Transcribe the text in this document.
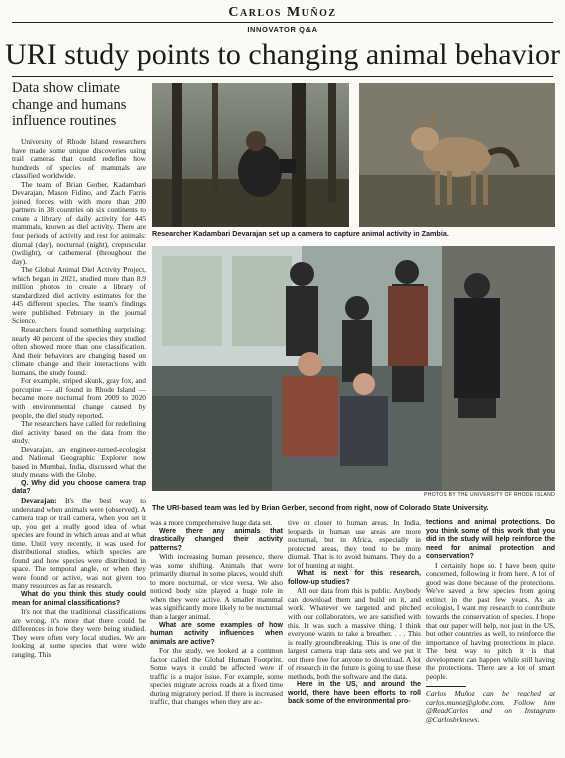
Carlos Muñoz
INNOVATOR Q&A
URI study points to changing animal behavior
Data show climate change and humans influence routines
Researcher Kadambari Devarajan set up a camera to capture animal activity in Zambia.
PHOTOS BY THE UNIVERSITY OF RHODE ISLAND
The URI-based team was led by Brian Gerber, second from right, now of Colorado State University.

University of Rhode Island researchers have made some unique discoveries using trail cameras that could redefine how hundreds of species of mammals are classified worldwide.

The team of Brian Gerber, Kadambari Devarajan, Mason Fidino, and Zach Farris joined forces with with more than 200 partners in 38 countries on six continents to create a library of daily activity for 445 mammals, known as diel activity. There are four periods of activity and rest for animals: diurnal (day), nocturnal (night), crepuscular (twilight), or cathemeral (throughout the day).

The Global Animal Diel Activity Project, which began in 2021, studied more than 8.9 million photos to create a library of standardized diel activity estimates for the 445 different species. The team's findings were published February in the journal Science.

Researchers found something surprising: nearly 40 percent of the species they studied often showed more than one classification. And their behaviors are changing based on climate change and their interactions with humans, the study found.

For example, striped skunk, gray fox, and porcupine — all found in Rhode Island — became more nocturnal from 2009 to 2020 with environmental change caused by people, the diel study reported.

The researchers have called for redefining diel activity based on the data from the study.

Devarajan, an engineer-turned-ecologist and National Geographic Explorer now based in Mumbai, India, discussed what the study means with the Globe.

Q. Why did you choose camera trap data?

Devarajan: It's the best way to understand when animals were (observed). A camera trap or trail camera, when you set it up, you get a really good idea of what species are found in which areas and at what time. Until very recently, it was used for distributional studies, which species are found and how species were distributed in space. The temporal angle, or when they were found or active, was not given too many resources as far as research.

What do you think this study could mean for animal classifications?

It's not that the traditional classifications are wrong, it's more that there could be differences in how they were being studied. They were often very local studies. We are looking at some species that were wide ranging. This

was a more comprehensive huge data set.

Were there any animals that drastically changed their activity patterns?

With increasing human presence, there was some shifting. Animals that were primarily diurnal in some places, would shift to more nocturnal, or vice versa. We also noticed body size played a huge role in when they were active. A smaller mammal was significantly more likely to be nocturnal than a larger animal.

What are some examples of how human activity influences when animals are active?

For the study, we looked at a common factor called the Global Human Footprint. Some ways it could be affected were if traffic is a major issue. For example, some species migrate across roads at a fixed time during migratory period. If there is increased traffic, that changes when they are ac-

tive or closer to human areas. In India, leopards in human use areas are more nocturnal, but in Africa, especially in protected areas, they tend to be more diurnal. That is to avoid humans. They do a lot of hunting at night.

What is next for this research, follow-up studies?

All our data from this is public. Anybody can download them and build on it, and work. Whatever we targeted and pitched with our collaborators, we are satisfied with this. It was such a massive thing, I think everyone wants to take a breather. . . . This is really groundbreaking. This is one of the largest camera trap data sets and we put it out there free for anyone to download. A lot of research in the future is going to use these methods, both the software and the data.

Here in the US, and around the world, there have been efforts to roll back some of the environmental pro-

tections and animal protections. Do you think some of this work that you did in the study will help reinforce the need for animal protection and conservation?

I certainly hope so. I have been quite concerned, following it from here. A lot of good was done because of the protections. We've saved a few species from going extinct in the past few years. As an ecologist, I want my research to contribute towards the conservation of species. I hope that our paper will help, not just in the US, but other countries as well, to reinforce the importance of having protections in place. The best way to pitch it is that development can happen while still having the protections. There are a lot of smart people.

Carlos Muñoz can be reached at carlos.munoz@globe.com. Follow him @ReadCarlos and on Instagram @Carlosbrknews.
